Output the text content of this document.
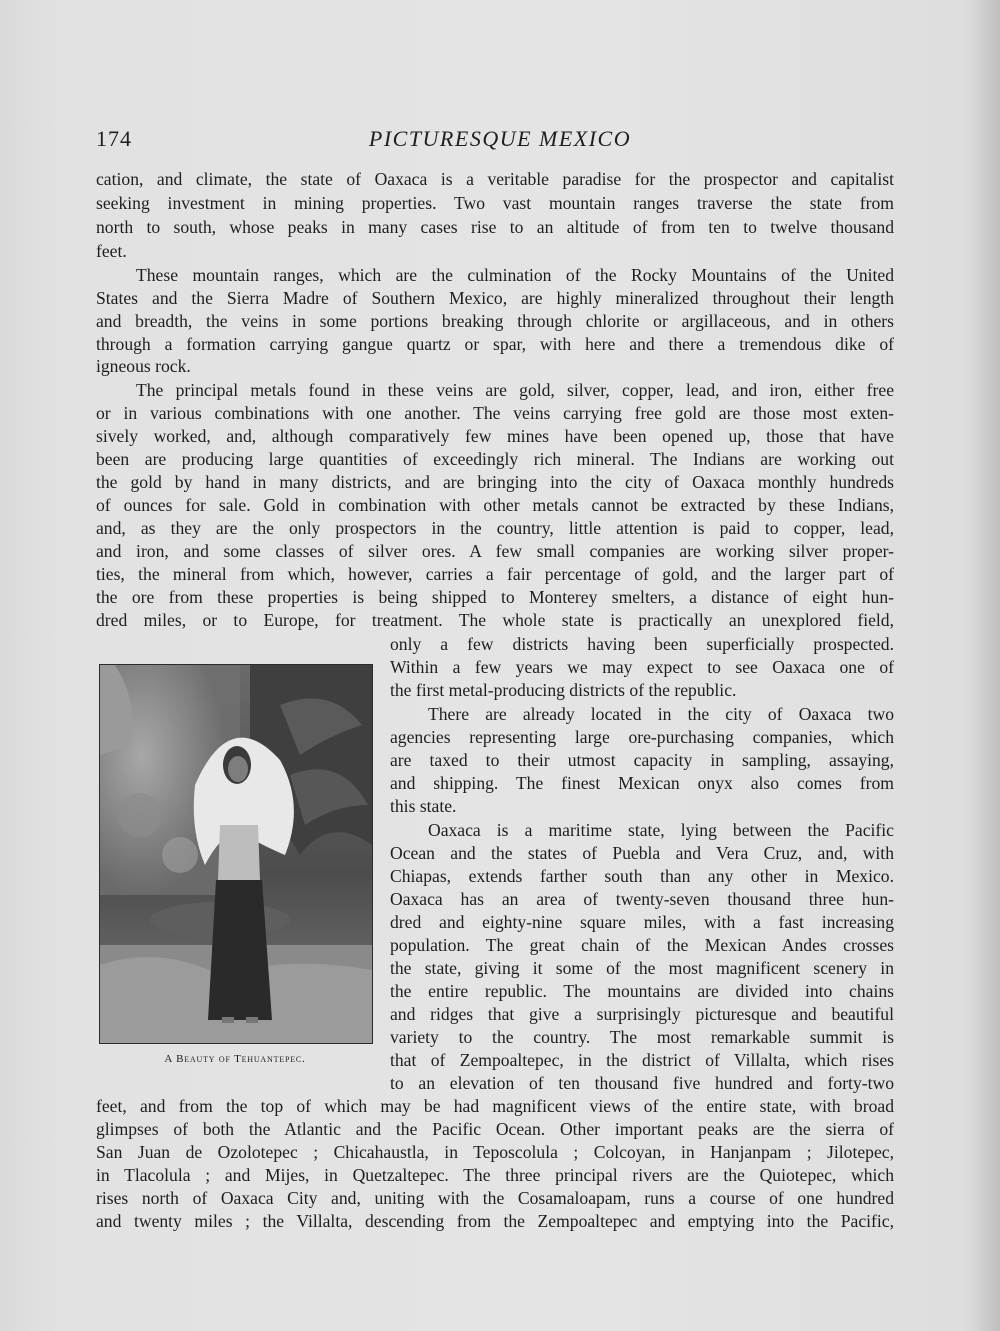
174	PICTURESQUE MEXICO
cation, and climate, the state of Oaxaca is a veritable paradise for the prospector and capitalist
seeking investment in mining properties. Two vast mountain ranges traverse the state from
north to south, whose peaks in many cases rise to an altitude of from ten to twelve thousand
feet.
These mountain ranges, which are the culmination of the Rocky Mountains of the United
States and the Sierra Madre of Southern Mexico, are highly mineralized throughout their length
and breadth, the veins in some portions breaking through chlorite or argillaceous, and in others
through a formation carrying gangue quartz or spar, with here and there a tremendous dike of
igneous rock.
The principal metals found in these veins are gold, silver, copper, lead, and iron, either free
or in various combinations with one another. The veins carrying free gold are those most exten-
sively worked, and, although comparatively few mines have been opened up, those that have
been are producing large quantities of exceedingly rich mineral. The Indians are working out
the gold by hand in many districts, and are bringing into the city of Oaxaca monthly hundreds
of ounces for sale. Gold in combination with other metals cannot be extracted by these Indians,
and, as they are the only prospectors in the country, little attention is paid to copper, lead,
and iron, and some classes of silver ores. A few small companies are working silver proper-
ties, the mineral from which, however, carries a fair percentage of gold, and the larger part of
the ore from these properties is being shipped to Monterey smelters, a distance of eight hun-
dred miles, or to Europe, for treatment. The whole state is practically an unexplored field,
only a few districts having been superficially prospected.
Within a few years we may expect to see Oaxaca one of
the first metal-producing districts of the republic.
There are already located in the city of Oaxaca two
agencies representing large ore-purchasing companies, which
are taxed to their utmost capacity in sampling, assaying,
and shipping. The finest Mexican onyx also comes from
this state.
Oaxaca is a maritime state, lying between the Pacific
Ocean and the states of Puebla and Vera Cruz, and, with
Chiapas, extends farther south than any other in Mexico.
Oaxaca has an area of twenty-seven thousand three hun-
dred and eighty-nine square miles, with a fast increasing
population. The great chain of the Mexican Andes crosses
the state, giving it some of the most magnificent scenery in
the entire republic. The mountains are divided into chains
and ridges that give a surprisingly picturesque and beautiful
variety to the country. The most remarkable summit is
that of Zempoaltepec, in the district of Villalta, which rises
to an elevation of ten thousand five hundred and forty-two
feet, and from the top of which may be had magnificent views of the entire state, with broad
glimpses of both the Atlantic and the Pacific Ocean. Other important peaks are the sierra of
San Juan de Ozolotepec ; Chicahaustla, in Teposcolula ; Colcoyan, in Hanjanpam ; Jilotepec,
in Tlacolula ; and Mijes, in Quetzaltepec. The three principal rivers are the Quiotepec, which
rises north of Oaxaca City and, uniting with the Cosamaloapam, runs a course of one hundred
and twenty miles ; the Villalta, descending from the Zempoaltepec and emptying into the Pacific,
A Beauty of Tehuantepec.
